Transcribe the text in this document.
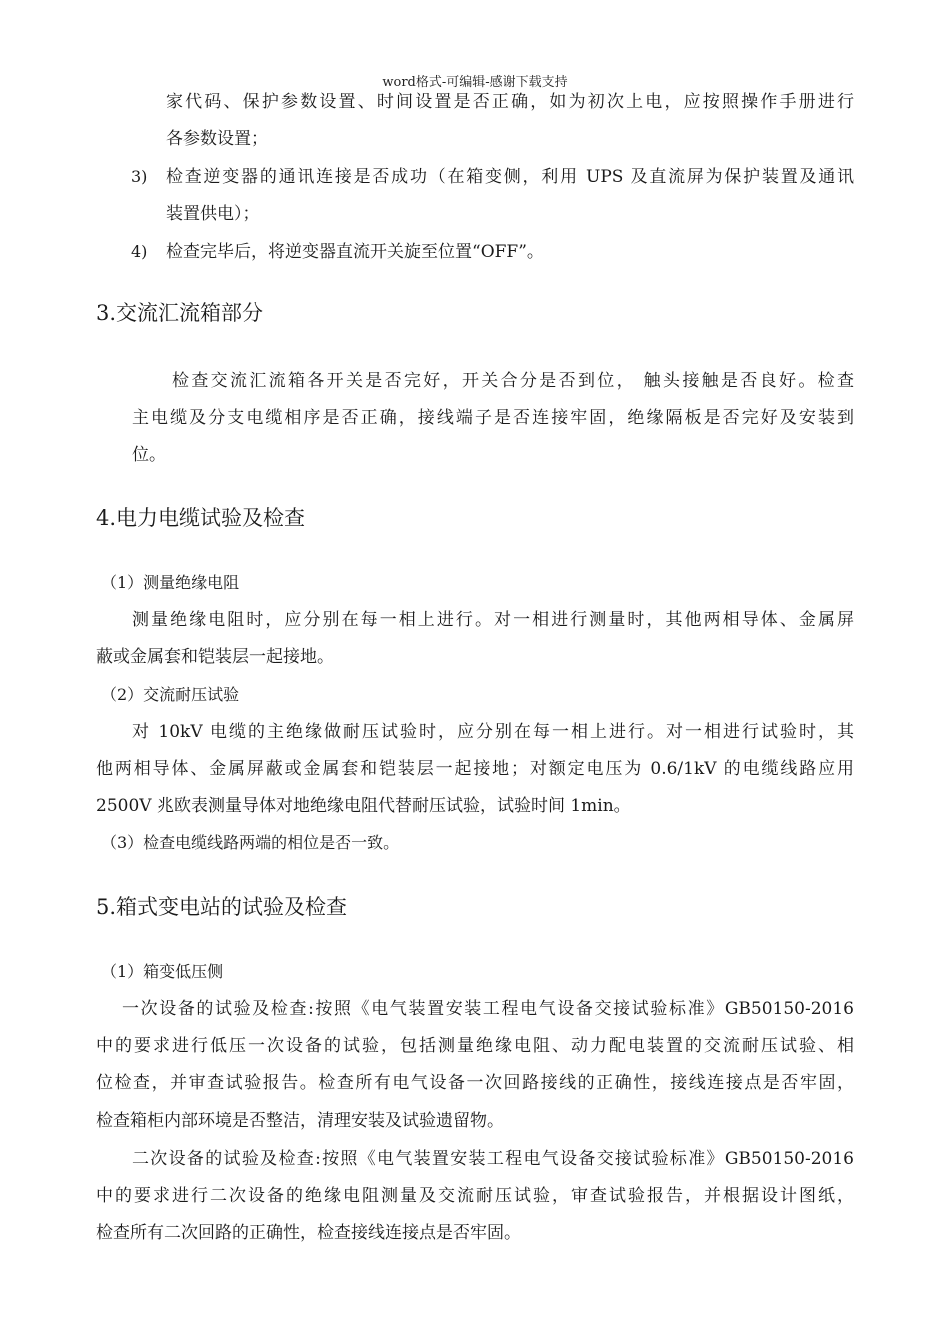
word格式-可编辑-感谢下载支持
家代码、保护参数设置、时间设置是否正确，如为初次上电，应按照操作手册进行
各参数设置；
3) 检查逆变器的通讯连接是否成功（在箱变侧，利用 UPS 及直流屏为保护装置及通讯
装置供电）；
4) 检查完毕后，将逆变器直流开关旋至位置“OFF”。
3.交流汇流箱部分
检查交流汇流箱各开关是否完好，开关合分是否到位， 触头接触是否良好。检查
主电缆及分支电缆相序是否正确，接线端子是否连接牢固，绝缘隔板是否完好及安装到
位。
4.电力电缆试验及检查
（1）测量绝缘电阻
测量绝缘电阻时，应分别在每一相上进行。对一相进行测量时，其他两相导体、金属屏
蔽或金属套和铠装层一起接地。
（2）交流耐压试验
对 10kV 电缆的主绝缘做耐压试验时，应分别在每一相上进行。对一相进行试验时，其
他两相导体、金属屏蔽或金属套和铠装层一起接地；对额定电压为 0.6/1kV 的电缆线路应用
2500V 兆欧表测量导体对地绝缘电阻代替耐压试验，试验时间 1min。
（3）检查电缆线路两端的相位是否一致。
5.箱式变电站的试验及检查
（1）箱变低压侧
一次设备的试验及检查:按照《电气装置安装工程电气设备交接试验标准》GB50150-2016
中的要求进行低压一次设备的试验，包括测量绝缘电阻、动力配电装置的交流耐压试验、相
位检查，并审查试验报告。检查所有电气设备一次回路接线的正确性，接线连接点是否牢固，
检查箱柜内部环境是否整洁，清理安装及试验遗留物。
二次设备的试验及检查:按照《电气装置安装工程电气设备交接试验标准》GB50150-2016
中的要求进行二次设备的绝缘电阻测量及交流耐压试验，审查试验报告，并根据设计图纸，
检查所有二次回路的正确性，检查接线连接点是否牢固。
